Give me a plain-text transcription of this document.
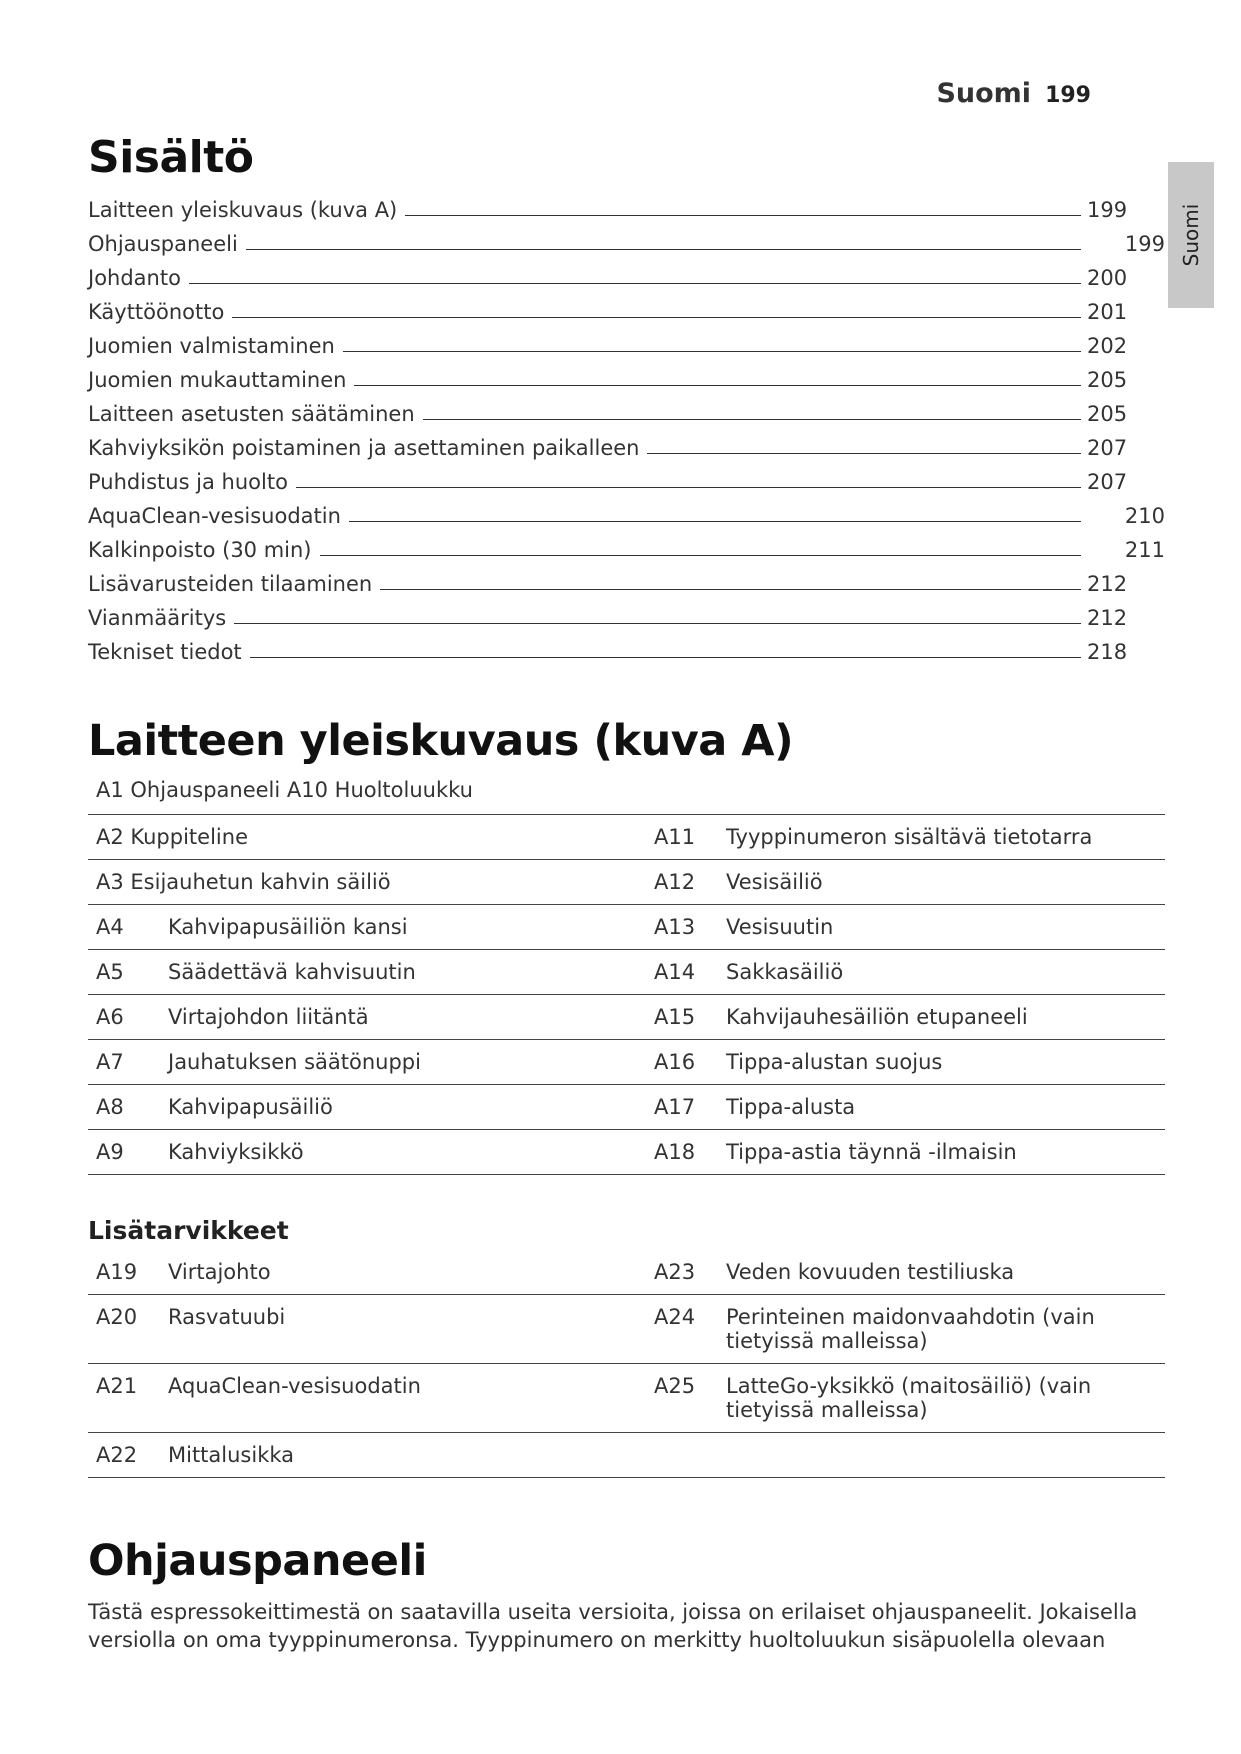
Suomi 199
Suomi
Sisältö
Laitteen yleiskuvaus (kuva A)	199
Ohjauspaneeli	199
Johdanto	200
Käyttöönotto	201
Juomien valmistaminen	202
Juomien mukauttaminen	205
Laitteen asetusten säätäminen	205
Kahviyksikön poistaminen ja asettaminen paikalleen	207
Puhdistus ja huolto	207
AquaClean-vesisuodatin	210
Kalkinpoisto (30 min)	211
Lisävarusteiden tilaaminen	212
Vianmääritys	212
Tekniset tiedot	218
Laitteen yleiskuvaus (kuva A)
A1 Ohjauspaneeli A10 Huoltoluukku
A2 Kuppiteline		A11	Tyyppinumeron sisältävä tietotarra
A3 Esijauhetun kahvin säiliö		A12	Vesisäiliö
A4	Kahvipapusäiliön kansi	A13	Vesisuutin
A5	Säädettävä kahvisuutin	A14	Sakkasäiliö
A6	Virtajohdon liitäntä	A15	Kahvijauhesäiliön etupaneeli
A7	Jauhatuksen säätönuppi	A16	Tippa-alustan suojus
A8	Kahvipapusäiliö	A17	Tippa-alusta
A9	Kahviyksikkö	A18	Tippa-astia täynnä -ilmaisin
Lisätarvikkeet
A19	Virtajohto	A23	Veden kovuuden testiliuska
A20	Rasvatuubi	A24	Perinteinen maidonvaahdotin (vain tietyissä malleissa)
A21	AquaClean-vesisuodatin	A25	LatteGo-yksikkö (maitosäiliö) (vain tietyissä malleissa)
A22	Mittalusikka		
Ohjauspaneeli

Tästä espressokeittimestä on saatavilla useita versioita, joissa on erilaiset ohjauspaneelit. Jokaisella versiolla on oma tyyppinumeronsa. Tyyppinumero on merkitty huoltoluukun sisäpuolella olevaan
